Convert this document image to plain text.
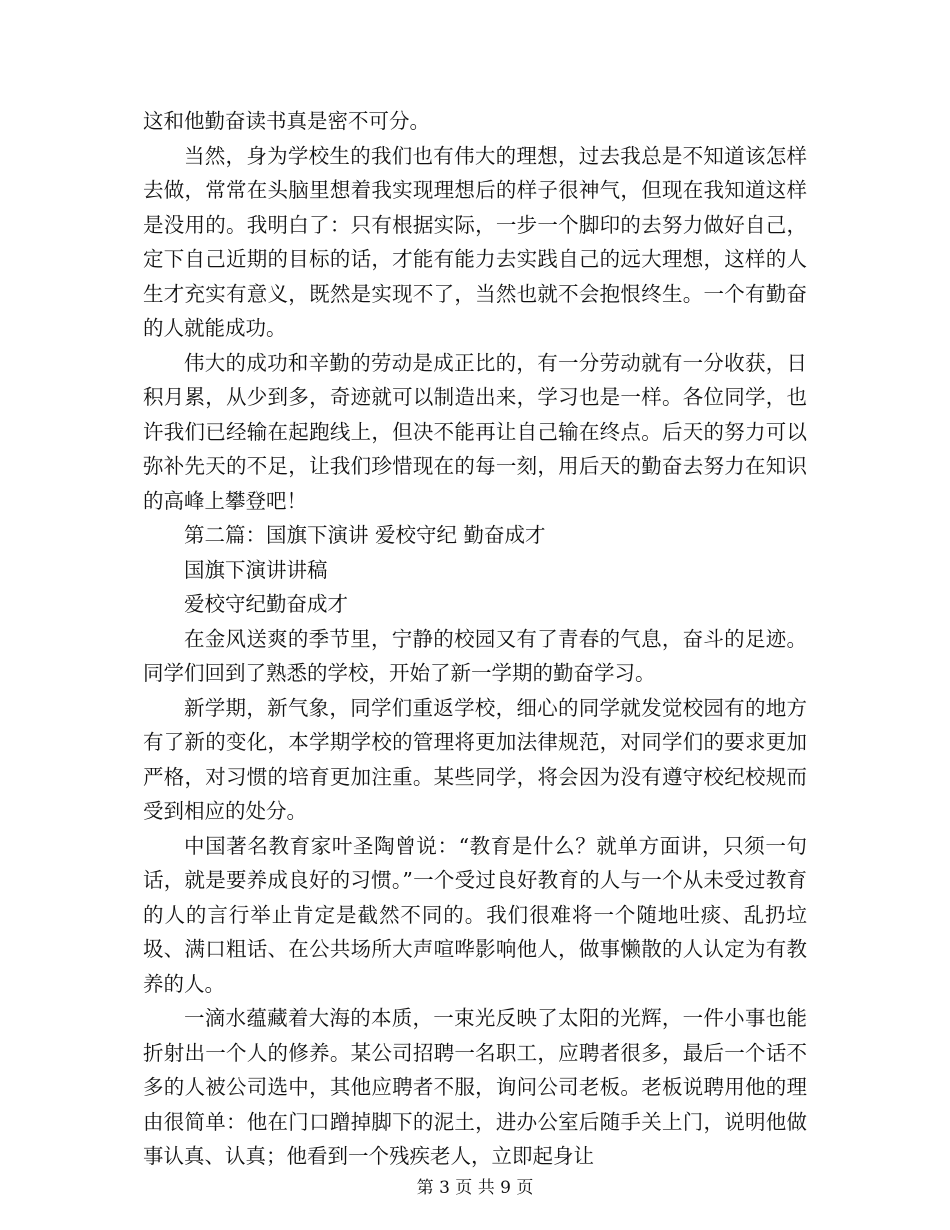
这和他勤奋读书真是密不可分。

当然，身为学校生的我们也有伟大的理想，过去我总是不知道该怎样去做，常常在头脑里想着我实现理想后的样子很神气，但现在我知道这样是没用的。我明白了：只有根据实际，一步一个脚印的去努力做好自己，定下自己近期的目标的话，才能有能力去实践自己的远大理想，这样的人生才充实有意义，既然是实现不了，当然也就不会抱恨终生。一个有勤奋的人就能成功。

伟大的成功和辛勤的劳动是成正比的，有一分劳动就有一分收获，日积月累，从少到多，奇迹就可以制造出来，学习也是一样。各位同学，也许我们已经输在起跑线上，但决不能再让自己输在终点。后天的努力可以弥补先天的不足，让我们珍惜现在的每一刻，用后天的勤奋去努力在知识的高峰上攀登吧！

第二篇：国旗下演讲 爱校守纪 勤奋成才

国旗下演讲讲稿

爱校守纪勤奋成才

在金风送爽的季节里，宁静的校园又有了青春的气息，奋斗的足迹。同学们回到了熟悉的学校，开始了新一学期的勤奋学习。

新学期，新气象，同学们重返学校，细心的同学就发觉校园有的地方有了新的变化，本学期学校的管理将更加法律规范，对同学们的要求更加严格，对习惯的培育更加注重。某些同学，将会因为没有遵守校纪校规而受到相应的处分。

中国著名教育家叶圣陶曾说：“教育是什么？就单方面讲，只须一句话，就是要养成良好的习惯。”一个受过良好教育的人与一个从未受过教育的人的言行举止肯定是截然不同的。我们很难将一个随地吐痰、乱扔垃圾、满口粗话、在公共场所大声喧哗影响他人，做事懒散的人认定为有教养的人。

一滴水蕴藏着大海的本质，一束光反映了太阳的光辉，一件小事也能折射出一个人的修养。某公司招聘一名职工，应聘者很多，最后一个话不多的人被公司选中，其他应聘者不服，询问公司老板。老板说聘用他的理由很简单：他在门口蹭掉脚下的泥土，进办公室后随手关上门，说明他做事认真、认真；他看到一个残疾老人，立即起身让

第 3 页 共 9 页
